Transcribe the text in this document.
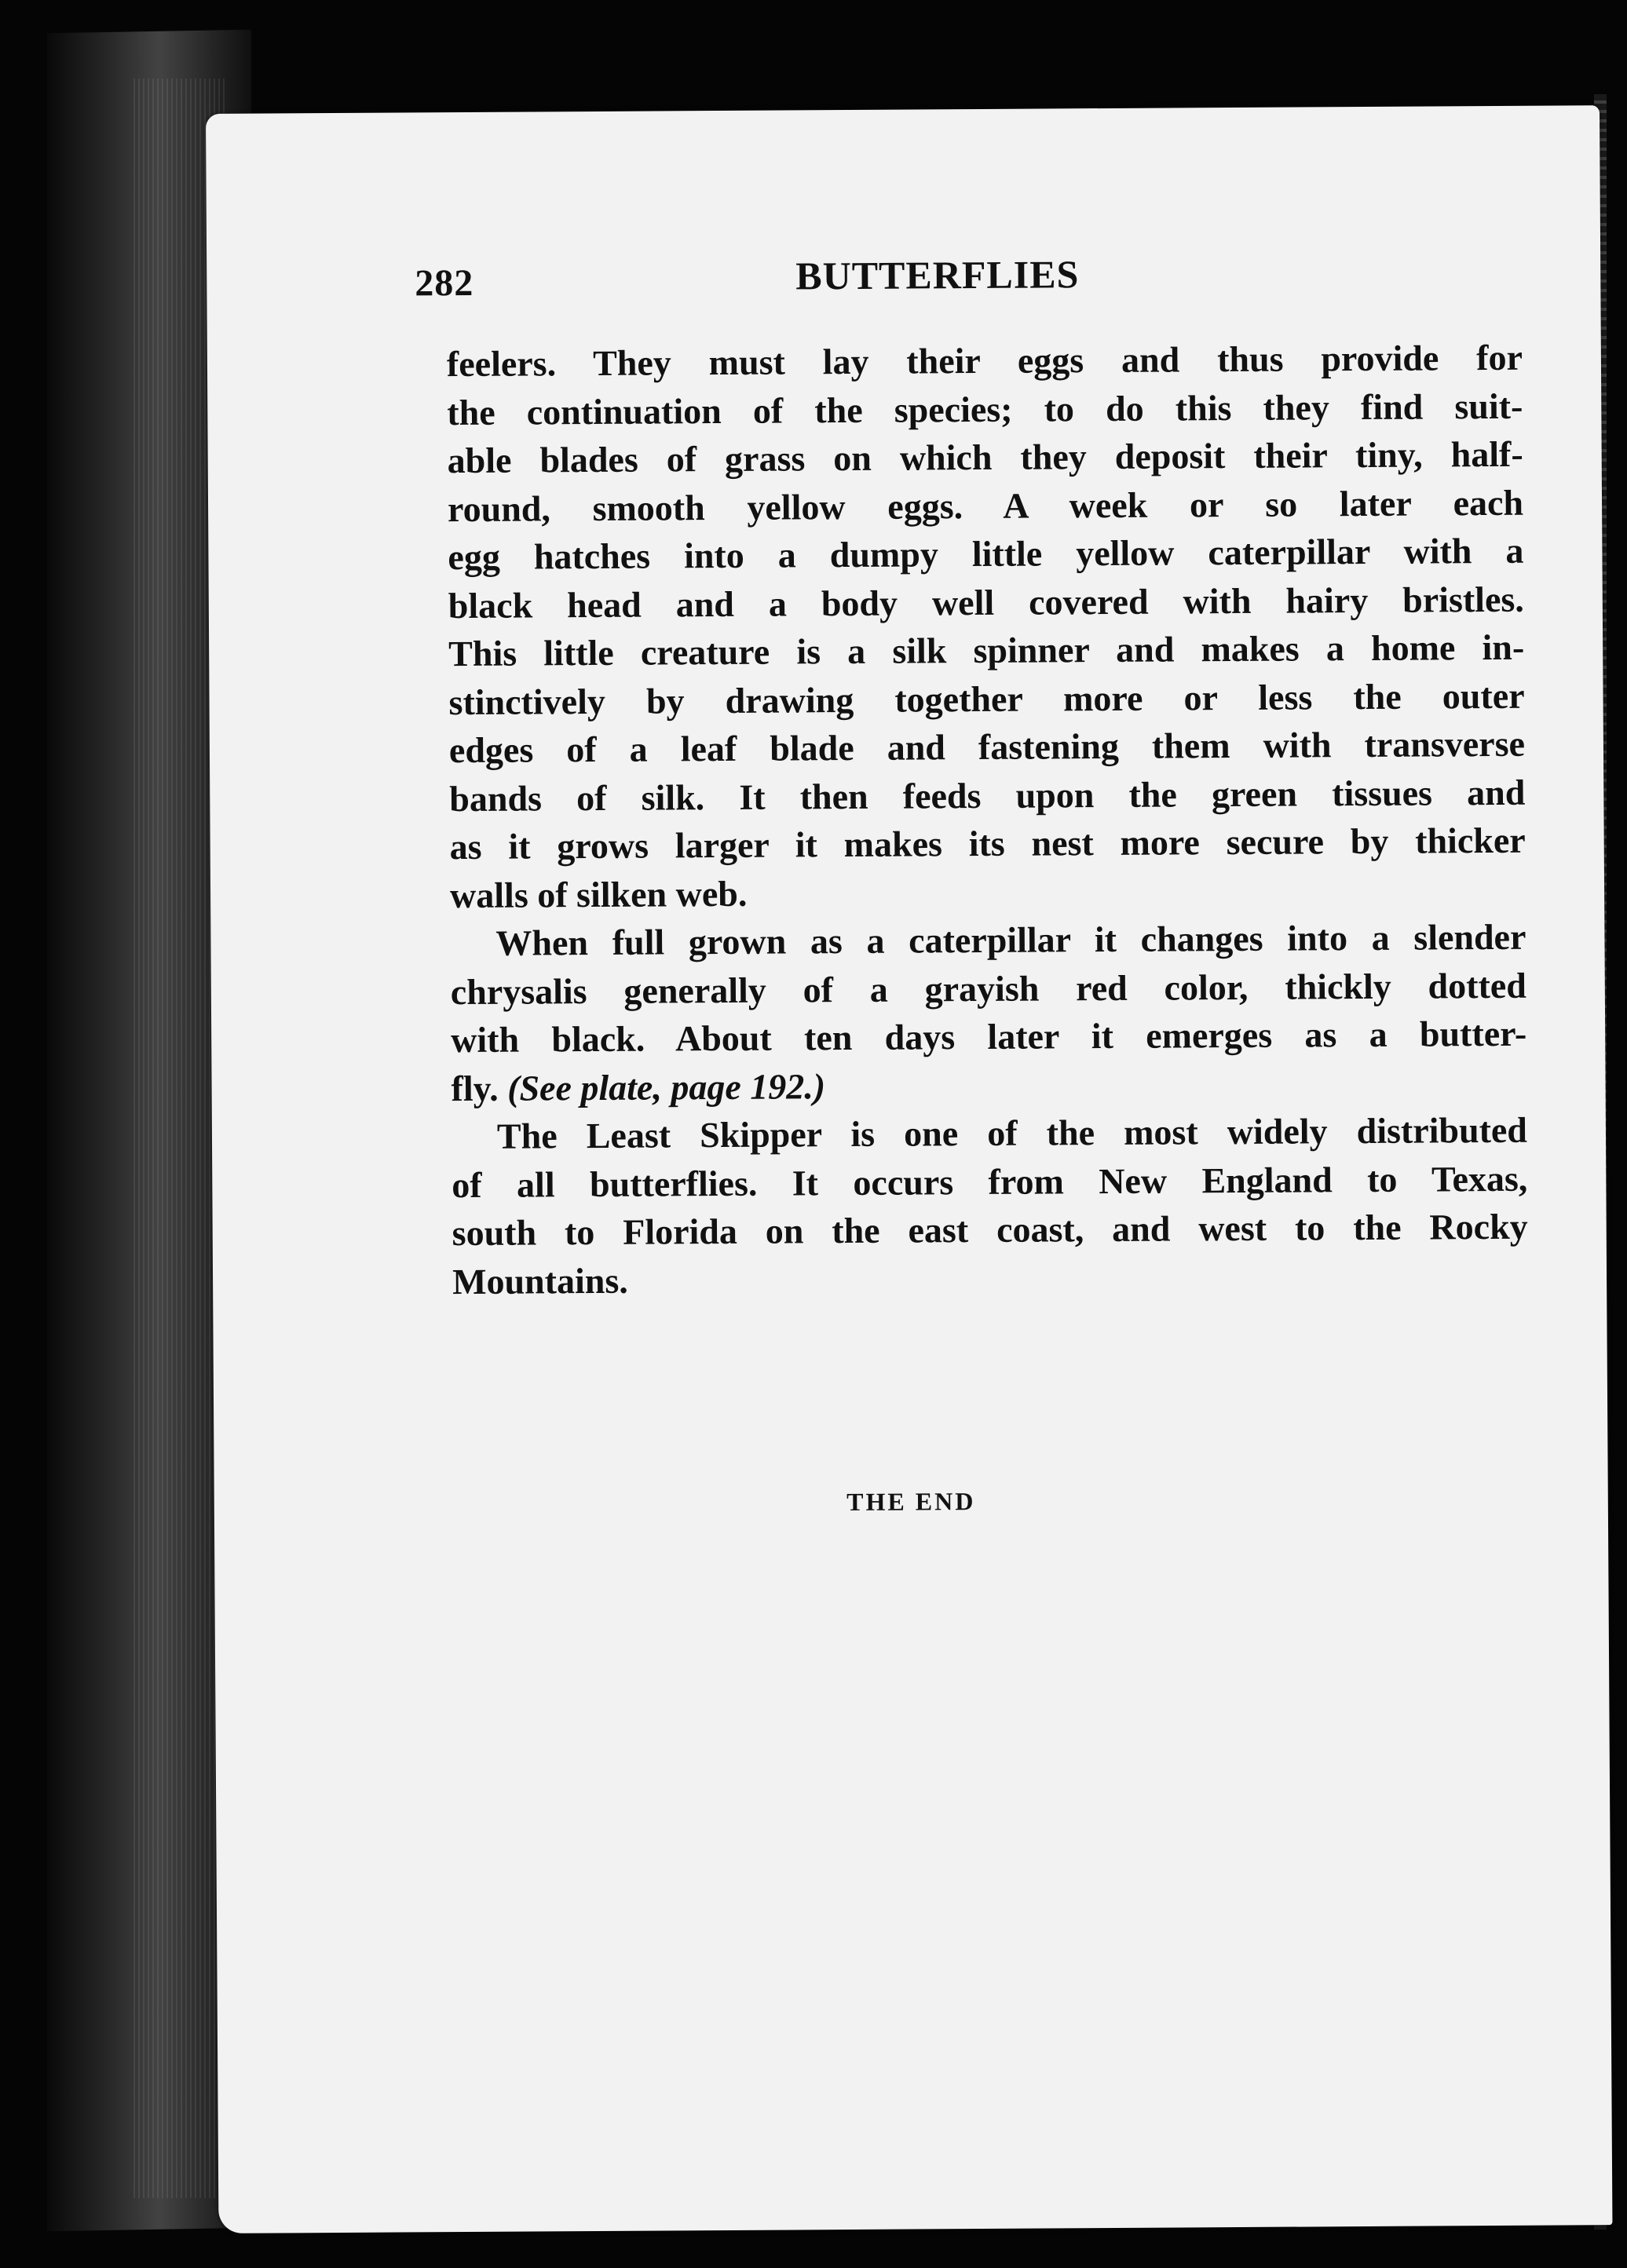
282	BUTTERFLIES
feelers. They must lay their eggs and thus provide for
the continuation of the species; to do this they find suit-
able blades of grass on which they deposit their tiny, half-
round, smooth yellow eggs. A week or so later each
egg hatches into a dumpy little yellow caterpillar with a
black head and a body well covered with hairy bristles.
This little creature is a silk spinner and makes a home in-
stinctively by drawing together more or less the outer
edges of a leaf blade and fastening them with transverse
bands of silk. It then feeds upon the green tissues and
as it grows larger it makes its nest more secure by thicker
walls of silken web.
When full grown as a caterpillar it changes into a slender
chrysalis generally of a grayish red color, thickly dotted
with black. About ten days later it emerges as a butter-
fly. (See plate, page 192.)
The Least Skipper is one of the most widely distributed
of all butterflies. It occurs from New England to Texas,
south to Florida on the east coast, and west to the Rocky
Mountains.
THE END
